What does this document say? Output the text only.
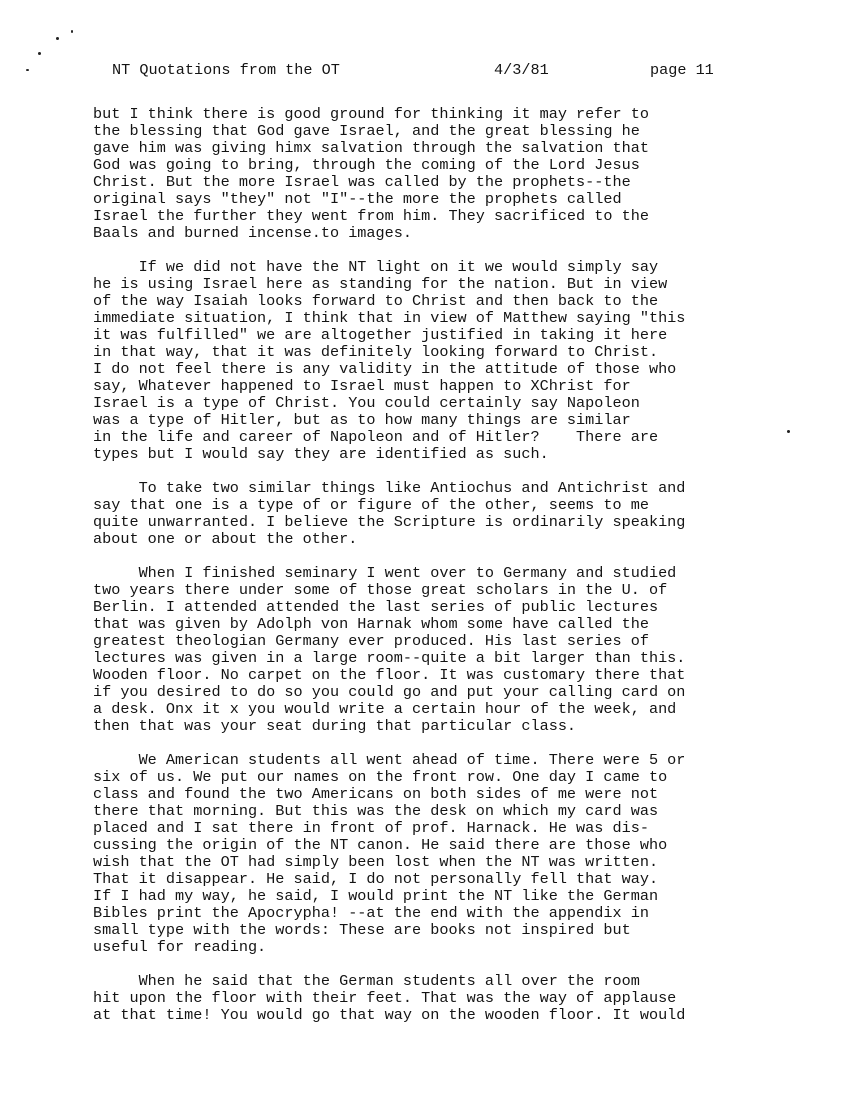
NT Quotations from the OT

	4/3/81

	page 11

but I think there is good ground for thinking it may refer to
the blessing that God gave Israel, and the great blessing he
gave him was giving himx salvation through the salvation that
God was going to bring, through the coming of the Lord Jesus
Christ. But the more Israel was called by the prophets--the
original says "they" not "I"--the more the prophets called
Israel the further they went from him. They sacrificed to the
Baals and burned incense.to images.
If we did not have the NT light on it we would simply say
he is using Israel here as standing for the nation. But in view
of the way Isaiah looks forward to Christ and then back to the
immediate situation, I think that in view of Matthew saying "this
it was fulfilled" we are altogether justified in taking it here
in that way, that it was definitely looking forward to Christ.
I do not feel there is any validity in the attitude of those who
say, Whatever happened to Israel must happen to XChrist for
Israel is a type of Christ. You could certainly say Napoleon
was a type of Hitler, but as to how many things are similar
in the life and career of Napoleon and of Hitler?    There are
types but I would say they are identified as such.
To take two similar things like Antiochus and Antichrist and
say that one is a type of or figure of the other, seems to me
quite unwarranted. I believe the Scripture is ordinarily speaking
about one or about the other.
When I finished seminary I went over to Germany and studied
two years there under some of those great scholars in the U. of
Berlin. I attended attended the last series of public lectures
that was given by Adolph von Harnak whom some have called the
greatest theologian Germany ever produced. His last series of
lectures was given in a large room--quite a bit larger than this.
Wooden floor. No carpet on the floor. It was customary there that
if you desired to do so you could go and put your calling card on
a desk. Onx it x you would write a certain hour of the week, and
then that was your seat during that particular class.
We American students all went ahead of time. There were 5 or
six of us. We put our names on the front row. One day I came to
class and found the two Americans on both sides of me were not
there that morning. But this was the desk on which my card was
placed and I sat there in front of prof. Harnack. He was dis-
cussing the origin of the NT canon. He said there are those who
wish that the OT had simply been lost when the NT was written.
That it disappear. He said, I do not personally fell that way.
If I had my way, he said, I would print the NT like the German
Bibles print the Apocrypha! --at the end with the appendix in
small type with the words: These are books not inspired but
useful for reading.
When he said that the German students all over the room
hit upon the floor with their feet. That was the way of applause
at that time! You would go that way on the wooden floor. It would
